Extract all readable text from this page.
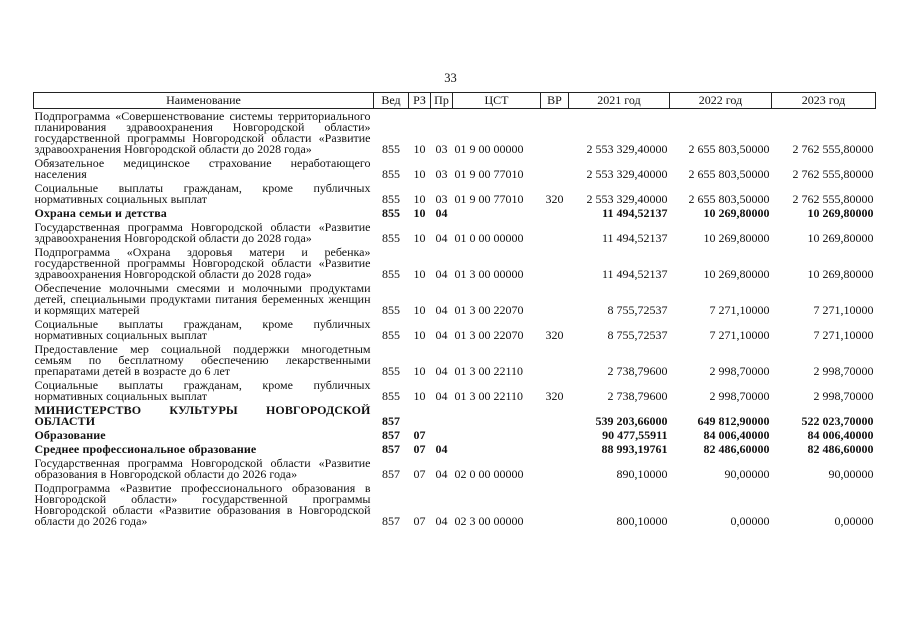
33
Наименование	Вед	РЗ	Пр	ЦСТ	ВР	2021 год	2022 год	2023 год
Подпрограмма «Совершенствование системы территориального планирования здравоохранения Новгородской области» государственной программы Новгородской области «Развитие здравоохранения Новгородской области до 2028 года»	855	10	03	01 9 00 00000		2 553 329,40000	2 655 803,50000	2 762 555,80000
Обязательное медицинское страхование неработающего населения	855	10	03	01 9 00 77010		2 553 329,40000	2 655 803,50000	2 762 555,80000
Социальные выплаты гражданам, кроме публичных нормативных социальных выплат	855	10	03	01 9 00 77010	320	2 553 329,40000	2 655 803,50000	2 762 555,80000
Охрана семьи и детства	855	10	04			11 494,52137	10 269,80000	10 269,80000
Государственная программа Новгородской области «Развитие здравоохранения Новгородской области до 2028 года»	855	10	04	01 0 00 00000		11 494,52137	10 269,80000	10 269,80000
Подпрограмма «Охрана здоровья матери и ребенка» государственной программы Новгородской области «Развитие здравоохранения Новгородской области до 2028 года»	855	10	04	01 3 00 00000		11 494,52137	10 269,80000	10 269,80000
Обеспечение молочными смесями и молочными продуктами детей, специальными продуктами питания беременных женщин и кормящих матерей	855	10	04	01 3 00 22070		8 755,72537	7 271,10000	7 271,10000
Социальные выплаты гражданам, кроме публичных нормативных социальных выплат	855	10	04	01 3 00 22070	320	8 755,72537	7 271,10000	7 271,10000
Предоставление мер социальной поддержки многодетным семьям по бесплатному обеспечению лекарственными препаратами детей в возрасте до 6 лет	855	10	04	01 3 00 22110		2 738,79600	2 998,70000	2 998,70000
Социальные выплаты гражданам, кроме публичных нормативных социальных выплат	855	10	04	01 3 00 22110	320	2 738,79600	2 998,70000	2 998,70000
МИНИСТЕРСТВО КУЛЬТУРЫ НОВГОРОДСКОЙ ОБЛАСТИ	857					539 203,66000	649 812,90000	522 023,70000
Образование	857	07				90 477,55911	84 006,40000	84 006,40000
Среднее профессиональное образование	857	07	04			88 993,19761	82 486,60000	82 486,60000
Государственная программа Новгородской области «Развитие образования в Новгородской области до 2026 года»	857	07	04	02 0 00 00000		890,10000	90,00000	90,00000
Подпрограмма «Развитие профессионального образования в Новгородской области» государственной программы Новгородской области «Развитие образования в Новгородской области до 2026 года»	857	07	04	02 3 00 00000		800,10000	0,00000	0,00000
